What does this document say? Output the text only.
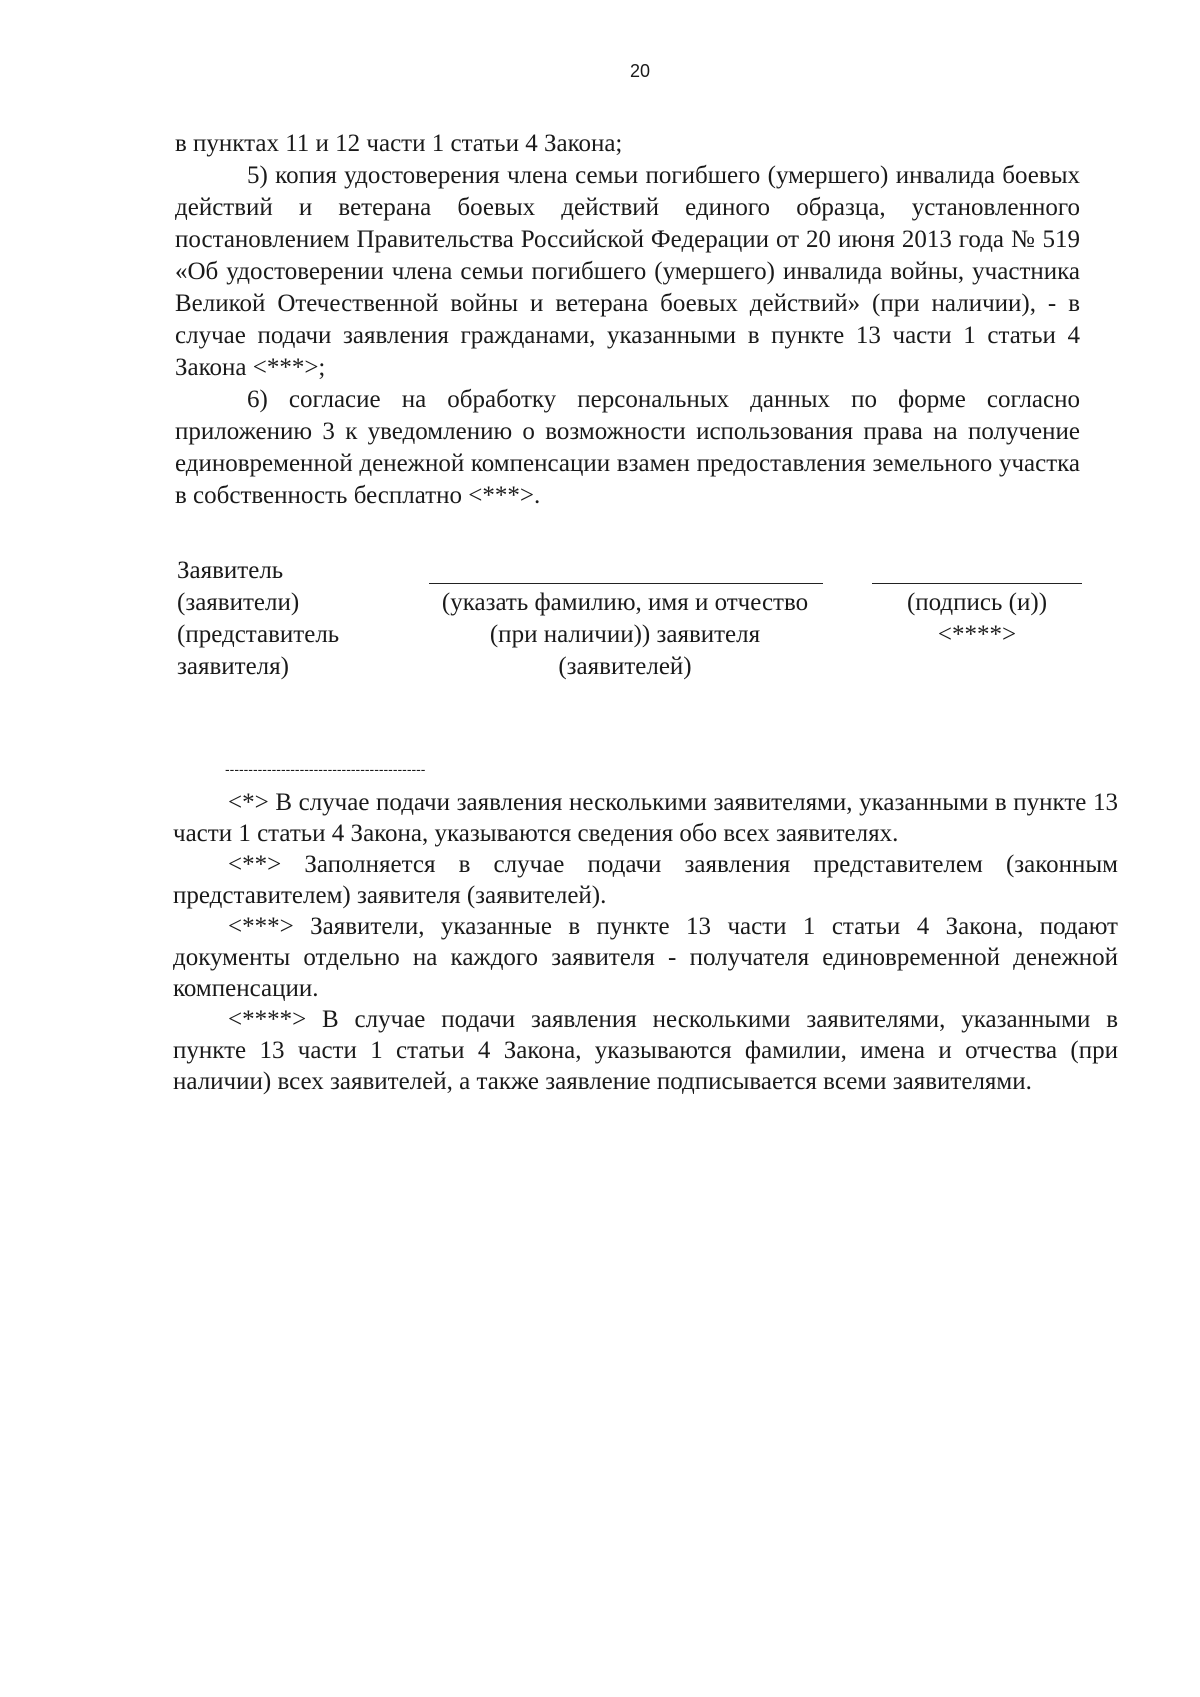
20

в пунктах 11 и 12 части 1 статьи 4 Закона;

5) копия удостоверения члена семьи погибшего (умершего) инвалида боевых действий и ветерана боевых действий единого образца, установленного постановлением Правительства Российской Федерации от 20 июня 2013 года № 519 «Об удостоверении члена семьи погибшего (умершего) инвалида войны, участника Великой Отечественной войны и ветерана боевых действий» (при наличии), - в случае подачи заявления гражданами, указанными в пункте 13 части 1 статьи 4 Закона <***>;

6) согласие на обработку персональных данных по форме согласно приложению 3 к уведомлению о возможности использования права на получение единовременной денежной компенсации взамен предоставления земельного участка в собственность бесплатно <***>.

Заявитель
(заявители)
(представитель
заявителя)
(указать фамилию, имя и отчество
(при наличии)) заявителя
(заявителей)
(подпись (и))
<****>
-------------------------------------------

<*> В случае подачи заявления несколькими заявителями, указанными в пункте 13 части 1 статьи 4 Закона, указываются сведения обо всех заявителях.

<**> Заполняется в случае подачи заявления представителем (законным представителем) заявителя (заявителей).

<***> Заявители, указанные в пункте 13 части 1 статьи 4 Закона, подают документы отдельно на каждого заявителя - получателя единовременной денежной компенсации.

<****> В случае подачи заявления несколькими заявителями, указанными в пункте 13 части 1 статьи 4 Закона, указываются фамилии, имена и отчества (при наличии) всех заявителей, а также заявление подписывается всеми заявителями.
